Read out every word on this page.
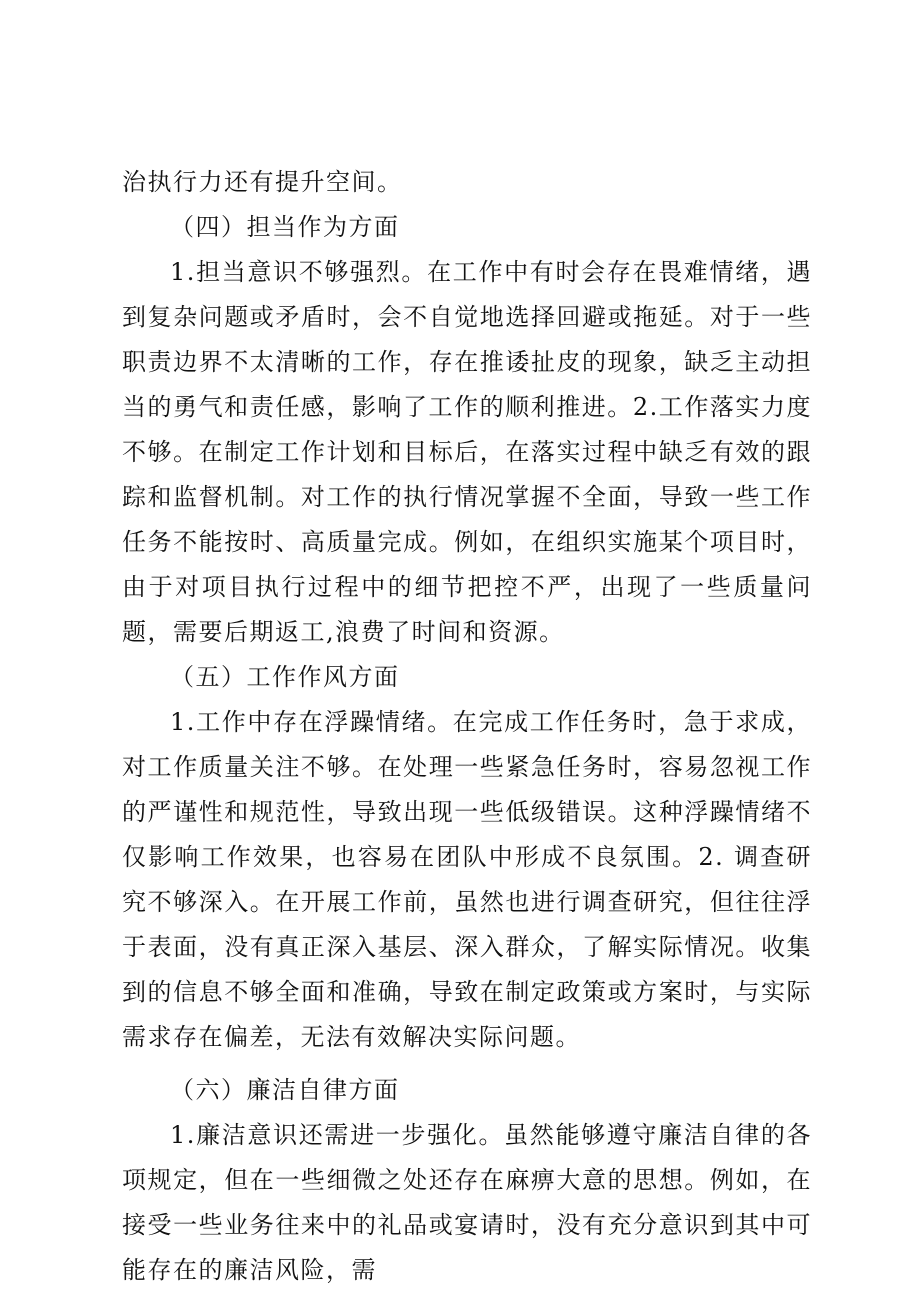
治执行力还有提升空间。

（四）担当作为方面

1.担当意识不够强烈。在工作中有时会存在畏难情绪，遇到复杂问题或矛盾时，会不自觉地选择回避或拖延。对于一些职责边界不太清晰的工作，存在推诿扯皮的现象，缺乏主动担当的勇气和责任感，影响了工作的顺利推进。2.工作落实力度不够。在制定工作计划和目标后，在落实过程中缺乏有效的跟踪和监督机制。对工作的执行情况掌握不全面，导致一些工作任务不能按时、高质量完成。例如，在组织实施某个项目时，由于对项目执行过程中的细节把控不严，出现了一些质量问题，需要后期返工,浪费了时间和资源。

（五）工作作风方面

1.工作中存在浮躁情绪。在完成工作任务时，急于求成，对工作质量关注不够。在处理一些紧急任务时，容易忽视工作的严谨性和规范性，导致出现一些低级错误。这种浮躁情绪不仅影响工作效果，也容易在团队中形成不良氛围。2. 调查研究不够深入。在开展工作前，虽然也进行调查研究，但往往浮于表面，没有真正深入基层、深入群众，了解实际情况。收集到的信息不够全面和准确，导致在制定政策或方案时，与实际需求存在偏差，无法有效解决实际问题。

（六）廉洁自律方面

1.廉洁意识还需进一步强化。虽然能够遵守廉洁自律的各项规定，但在一些细微之处还存在麻痹大意的思想。例如，在接受一些业务往来中的礼品或宴请时，没有充分意识到其中可能存在的廉洁风险，需
